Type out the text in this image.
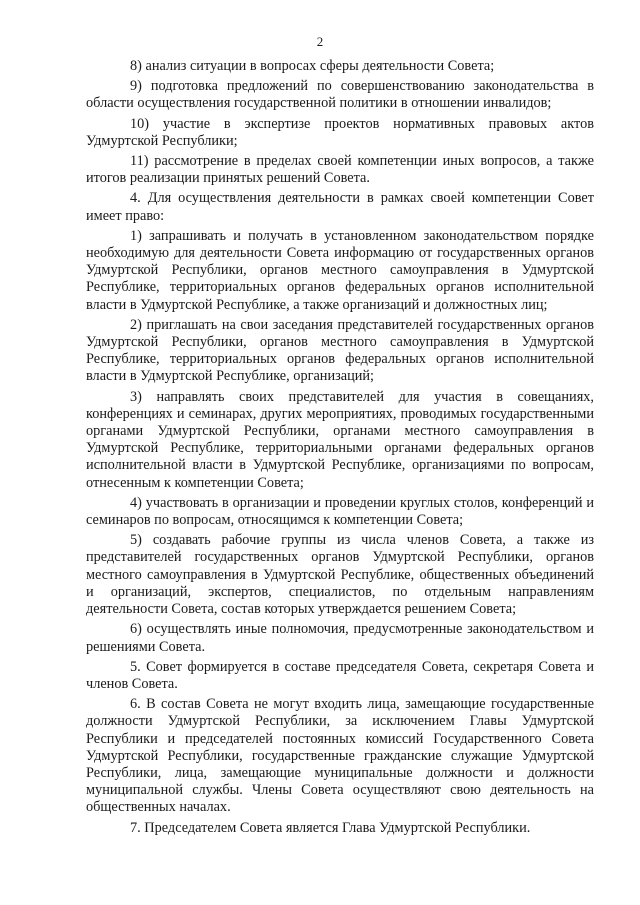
2

8) анализ ситуации в вопросах сферы деятельности Совета;

9) подготовка предложений по совершенствованию законодательства в области осуществления государственной политики в отношении инвалидов;

10) участие в экспертизе проектов нормативных правовых актов Удмуртской Республики;

11) рассмотрение в пределах своей компетенции иных вопросов, а также итогов реализации принятых решений Совета.

4. Для осуществления деятельности в рамках своей компетенции Совет имеет право:

1) запрашивать и получать в установленном законодательством порядке необходимую для деятельности Совета информацию от государственных органов Удмуртской Республики, органов местного самоуправления в Удмуртской Республике, территориальных органов федеральных органов исполнительной власти в Удмуртской Республике, а также организаций и должностных лиц;

2) приглашать на свои заседания представителей государственных органов Удмуртской Республики, органов местного самоуправления в Удмуртской Республике, территориальных органов федеральных органов исполнительной власти в Удмуртской Республике, организаций;

3) направлять своих представителей для участия в совещаниях, конференциях и семинарах, других мероприятиях, проводимых государственными органами Удмуртской Республики, органами местного самоуправления в Удмуртской Республике, территориальными органами федеральных органов исполнительной власти в Удмуртской Республике, организациями по вопросам, отнесенным к компетенции Совета;

4) участвовать в организации и проведении круглых столов, конференций и семинаров по вопросам, относящимся к компетенции Совета;

5) создавать рабочие группы из числа членов Совета, а также из представителей государственных органов Удмуртской Республики, органов местного самоуправления в Удмуртской Республике, общественных объединений и организаций, экспертов, специалистов, по отдельным направлениям деятельности Совета, состав которых утверждается решением Совета;

6) осуществлять иные полномочия, предусмотренные законодательством и решениями Совета.

5. Совет формируется в составе председателя Совета, секретаря Совета и членов Совета.

6. В состав Совета не могут входить лица, замещающие государственные должности Удмуртской Республики, за исключением Главы Удмуртской Республики и председателей постоянных комиссий Государственного Совета Удмуртской Республики, государственные гражданские служащие Удмуртской Республики, лица, замещающие муниципальные должности и должности муниципальной службы. Члены Совета осуществляют свою деятельность на общественных началах.

7. Председателем Совета является Глава Удмуртской Республики.
